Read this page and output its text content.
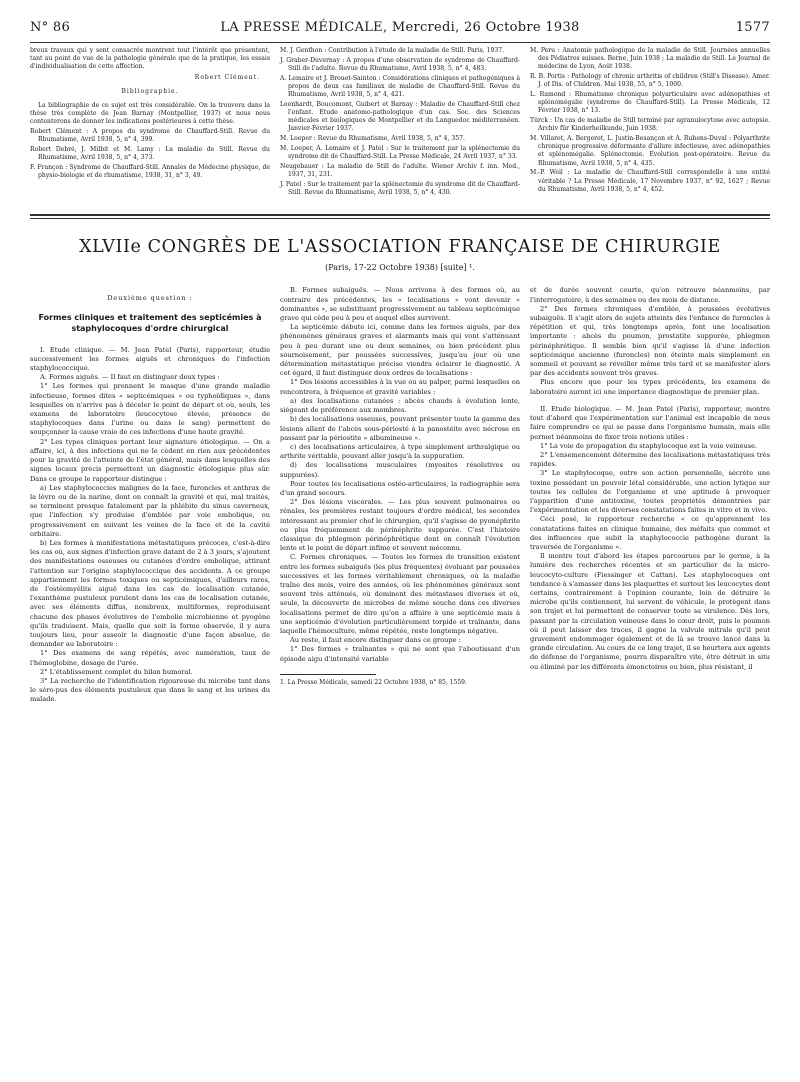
N° 86	LA PRESSE MÉDICALE, Mercredi, 26 Octobre 1938	1577

breux travaux qui y sont consacrés montrent tout l'intérêt que présentent, tant au point de vue de la pathologie générale que de la pratique, les essais d'individualisation de cette affection.

Robert Clément.
Bibliographie.

La bibliographie de ce sujet est très considérable. On la trouvera dans la thèse très complète de Jean Barnay (Montpellier, 1937) et nous nous contenterons de donner les indications postérieures à cette thèse.

Robert Clément : A propos du syndrome de Chauffard-Still. Revue du Rhumatisme, Avril 1938, 5, n° 4, 399.

Robert Debré, J. Milbit et M. Lamy : La maladie de Still. Revue du Rhumatisme, Avril 1938, 5, n° 4, 373.

F. Françon : Syndrome de Chauffard-Still. Annales de Médecine physique, de physio-biologie et de rhumatisme, 1938, 31, n° 3, 49.

M. J. Genthon : Contribution à l'étude de la maladie de Still. Paris, 1937.

J. Graber-Duvernay : A propos d'une observation de syndrome de Chauffard-Still de l'adulte. Revue du Rhumatisme, Avril 1938, 5, n° 4, 483.

A. Lemaire et J. Brouet-Sainton : Considérations cliniques et pathogéniques à propos de deux cas familiaux de maladie de Chauffard-Still. Revue du Rhumatisme, Avril 1938, 5, n° 4, 421.

Leenhardt, Boucomont, Guibert et Barnay : Maladie de Chauffard-Still chez l'enfant. Etude anatomo-pathologique d'un cas. Soc. des Sciences médicales et biologiques de Montpellier et du Languedoc méditerranéen. Janvier-Février 1937.

M. Loeper : Revue du Rhumatisme, Avril 1938, 5, n° 4, 357.

M. Loeper, A. Lemaire et J. Patel : Sur le traitement par la splénectomie du syndrome dit de Chauffard-Still. La Presse Médicale, 24 Avril 1937, n° 33.

Neugebauer : La maladie de Still de l'adulte. Wiener Archiv f. inn. Med., 1937, 31, 231.

J. Patel : Sur le traitement par la splénectomie du syndrome dit de Chauffard-Still. Revue du Rhumatisme, Avril 1938, 5, n° 4, 430.

M. Peru : Anatomie pathologique de la maladie de Still. Journées annuelles des Pédiatres suisses. Berne, Juin 1938 ; La maladie de Still. Le Journal de médecine de Lyon, Août 1938.

R. B. Portis : Pathology of chronic arthritis of children (Still's Disease). Amer. J. of Dis. of Children. Mai 1938, 55, n° 5, 1000.

L. Ramond : Rhumatisme chronique polyarticulaire avec adénopathies et splénomégalie (syndrome de Chauffard-Still). La Presse Médicale, 12 Février 1938, n° 13.

Türck : Un cas de maladie de Still terminé par agranulocytose avec autopsie. Archiv für Kinderheilkunde, Juin 1938.

M. Villaret, A. Bergeret, L. Justin-Besançon et A. Rubens-Duval : Polyarthrite chronique progressive déformante d'allure infectieuse, avec adénopathies et splénomégalie. Splénectomie. Evolution post-opératoire. Revue du Rhumatisme, Avril 1938, 5, n° 4, 435.

M.-P. Weil : La maladie de Chauffard-Still correspondelle à une entité véritable ? La Presse Médicale, 17 Novembre 1937, n° 92, 1627 ; Revue du Rhumatisme, Avril 1938, 5, n° 4, 452.

XLVIIe CONGRÈS DE L'ASSOCIATION FRANÇAISE DE CHIRURGIE
(Paris, 17-22 Octobre 1938) [suite] ¹.
Deuxième question :
Formes cliniques et traitement des septicémies à staphylocoques d'ordre chirurgical

I. Etude clinique. — M. Jean Patel (Paris), rapporteur, étudie successivement les formes aiguës et chroniques de l'infection staphylococcique.

A. Formes aiguës. — Il faut en distinguer deux types :

1° Les formes qui prennent le masque d'une grande maladie infectieuse, formes dites « septicémiques » ou typhoïdiques », dans lesquelles on n'arrive pas à déceler le point de départ et où, seuls, les examens de laboratoire (leucocytose élevée, présence de staphylocoques dans l'urine ou dans le sang) permettent de soupçonner la cause vraie de ces infections d'une haute gravité.

2° Les types cliniques portant leur signature étiologique. — On a affaire, ici, à des infections qui ne le cèdent en rien aux précédentes pour la gravité de l'atteinte de l'état général, mais dans lesquelles des signes locaux précis permettent un diagnostic étiologique plus sûr. Dans ce groupe le rapporteur distingue :

a) Les staphylococcies malignes de la face, furoncles et anthrax de la lèvre ou de la narine, dont on connaît la gravité et qui, mal traités, se terminent presque fatalement par la phlébite du sinus caverneux, que l'infection s'y produise d'emblée par voie embolique, ou progressivement en suivant les veines de la face et de la cavité orbitaire.

b) Les formes à manifestations métastatiques précoces, c'est-à-dire les cas où, aux signes d'infection grave datant de 2 à 3 jours, s'ajoutent des manifestations osseuses ou cutanées d'ordre embolique, attirant l'attention sur l'origine staphylococcique des accidents. A ce groupe appartiennent les formes toxiques ou septicémiques, d'ailleurs rares, de l'ostéomyélite aiguë dans les cas de localisation cutanée, l'exanthème pustuleux purulent dans les cas de localisation cutanée, avec ses éléments diffus, nombreux, multiformes, reproduisant chacune des phases évolutives de l'embolie microbienne et pyogène qu'ils traduisent. Mais, quelle que soit la forme observée, il y aura toujours lieu, pour asseoir le diagnostic d'une façon absolue, de demander au laboratoire :

1° Des examens de sang répétés, avec numération, taux de l'hémoglobine, dosage de l'urée.

2° L'établissement complet du bilan humoral.

3° La recherche de l'identification rigoureuse du microbe tant dans le séro-pus des éléments pustuleux que dans le sang et les urines du malade.

B. Formes subaiguës. — Nous arrivons à des formes où, au contraire des précédentes, les « localisations » vont devenir « dominantes », se substituant progressivement au tableau septicémique grave qui cède peu à peu et auquel elles survivent.

La septicémie débute ici, comme dans les formes aiguës, par des phénomènes généraux graves et alarmants mais qui vont s'atténuant peu à peu durant une ou deux semaines, ou bien précèdent plus sournoisement, par poussées successives, jusqu'au jour où une détermination métastatique précise viendra éclairer le diagnostic. A cet égard, il faut distinguer deux ordres de localisations :

1° Des lésions accessibles à la vue ou au palper, parmi lesquelles on rencontrera, à fréquence et gravité variables :

a) des localisations cutanées : abcès chauds à évolution lente, siégeant de préférence aux membres.

b) des localisations osseuses, pouvant présenter toute la gamme des lésions allant de l'abcès sous-périosté à la panostéite avec nécrose en passant par la périostite « albumineuse ».

c) des localisations articulaires, à type simplement arthralgique ou arthrite véritable, pouvant aller jusqu'à la suppuration.

d) des localisations musculaires (myosites résolutives ou suppurées).

Pour toutes les localisations ostéo-articulaires, la radiographie sera d'un grand secours.

2° Des lésions viscérales. — Les plus souvent pulmonaires ou rénales, les premières restant toujours d'ordre médical, les secondes intéressant au premier chef le chirurgien, qu'il s'agisse de pyonéphrite ou plus fréquemment de périnéphrite suppurée. C'est l'histoire classique du phlegmon périnéphrétique dont on connaît l'évolution lente et le point de départ infime et souvent méconnu.

C. Formes chroniques. — Toutes les formes de transition existent entre les formes subaiguës (les plus fréquentes) évoluant par poussées successives et les formes véritablement chroniques, où la maladie traîne des mois, voire des années, où les phénomènes généraux sont souvent très atténués, où dominent des métastases diverses et où, seule, la découverte de microbes de même souche dans ces diverses localisations permet de dire qu'on a affaire à une septicémie mais à une septicémie d'évolution particulièrement torpide et traînante, dans laquelle l'hémoculture, même répétée, reste longtemps négative.

Au reste, il faut encore distinguer dans ce groupe :

1° Des formes « traînantes » qui ne sont que l'aboutissant d'un épisode aigu d'intensité variable

1. La Presse Médicale, samedi 22 Octobre 1938, n° 85, 1559.

et de durée souvent courte, qu'on retrouve néanmoins, par l'interrogatoire, à des semaines ou des mois de distance.

2° Des formes chroniques d'emblée, à poussées évolutives subaiguës. Il s'agit alors de sujets atteints dès l'enfance de furoncles à répétition et qui, très longtemps après, font une localisation importante : abcès du poumon, prostatite suppurée, phlegmon périnéphrétique. Il semble bien qu'il s'agisse là d'une infection septicémique ancienne (furoncles) non éteinte mais simplement en sommeil et pouvant se réveiller même très tard et se manifester alors par des accidents souvent très graves.

Plus encore que pour les types précédents, les examens de laboratoire auront ici une importance diagnostique de premier plan.

II. Etude biologique. — M. Jean Patel (Paris), rapporteur, montre tout d'abord que l'expérimentation sur l'animal est incapable de nous faire comprendre ce qui se passe dans l'organisme humain, mais elle permet néanmoins de fixer trois notions utiles :

1° La voie de propagation du staphylocoque est la voie veineuse.

2° L'ensemencement détermine des localisations métastatiques très rapides.

3° Le staphylocoque, outre son action personnelle, sécrète une toxine possédant un pouvoir létal considérable, une action lytique sur toutes les cellules de l'organisme et une aptitude à provoquer l'apparition d'une antitoxine, toutes propriétés démontrées par l'expérimentation et les diverses constatations faites in vitro et in vivo.

Ceci posé, le rapporteur recherche « ce qu'apprennent les constatations faites en clinique humaine, des méfaits que commet et des influences que subit la staphylococcie pathogène durant la traversée de l'organisme ».

Il montre tout d'abord les étapes parcourues par le germe, à la lumière des recherches récentes et en particulier de la micro-leucocyto-culture (Fiessinger et Cattan). Les staphylocoques ont tendance à s'amasser dans les plaquettes et surtout les leucocytes dont certains, contrairement à l'opinion courante, loin de détruire le microbe qu'ils contiennent, lui servent de véhicule, le protègent dans son trajet et lui permettent de conserver toute sa virulence. Dès lors, passant par la circulation veineuse dans le cœur droit, puis le poumon où il peut laisser des traces, il gagne la valvule mitrale qu'il peut gravement endommager également et de là se trouve lancé dans la grande circulation. Au cours de ce long trajet, il se heurtera aux agents de défense de l'organisme, pourra disparaître vite, être détruit in situ ou éliminé par les différents émonctoires ou bien, plus résistant, il
